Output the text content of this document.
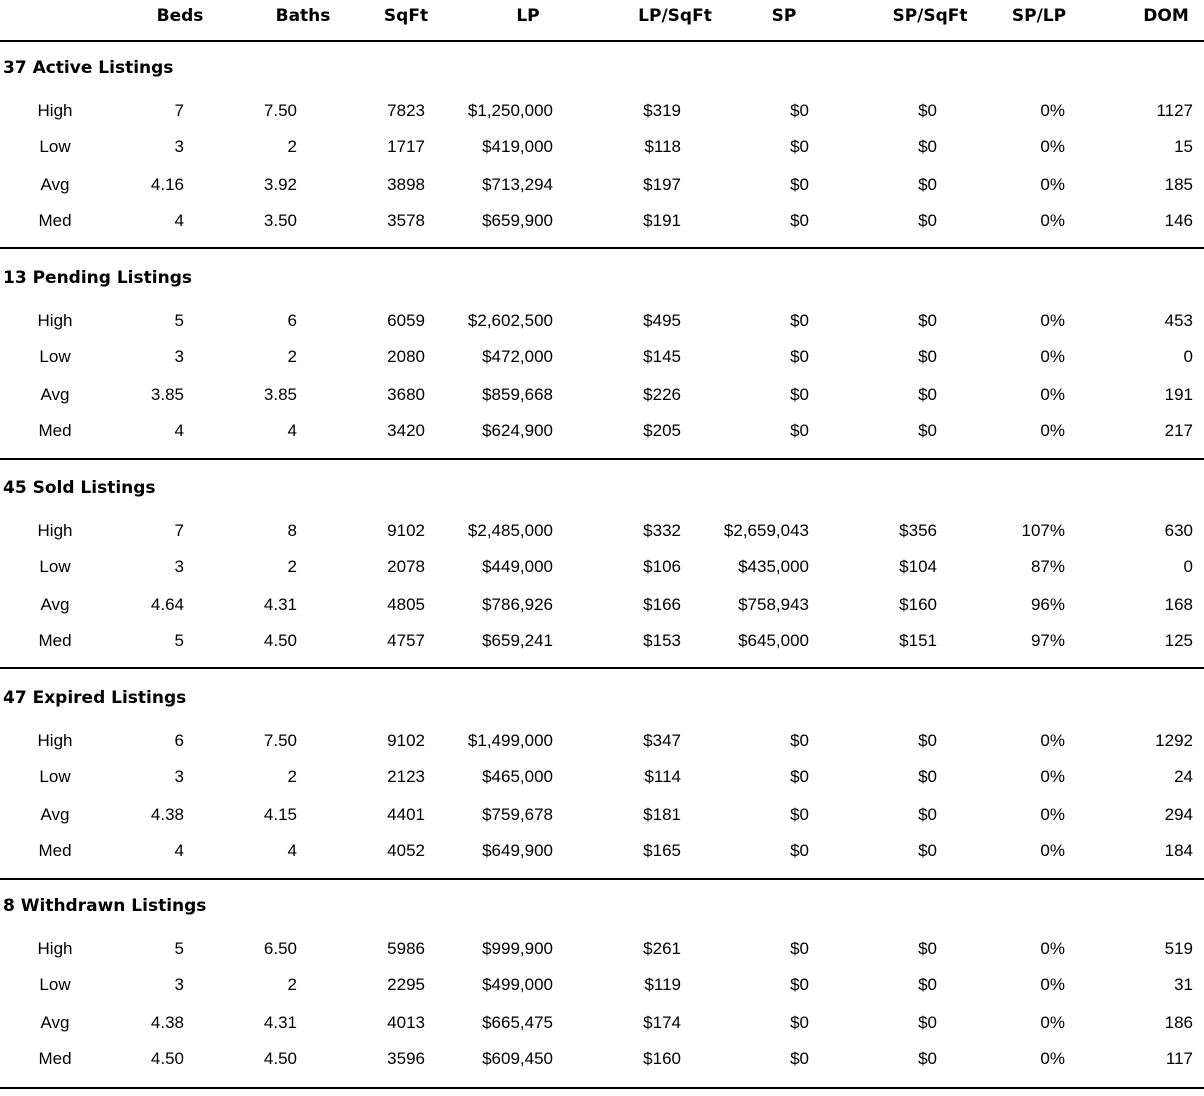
Beds	Baths	SqFt	LP	LP/SqFt	SP	SP/SqFt	SP/LP	DOM
37 Active Listings
High	7	7.50	7823	$1,250,000	$319	$0	$0	0%	1127
Low	3	2	1717	$419,000	$118	$0	$0	0%	15
Avg	4.16	3.92	3898	$713,294	$197	$0	$0	0%	185
Med	4	3.50	3578	$659,900	$191	$0	$0	0%	146
13 Pending Listings
High	5	6	6059	$2,602,500	$495	$0	$0	0%	453
Low	3	2	2080	$472,000	$145	$0	$0	0%	0
Avg	3.85	3.85	3680	$859,668	$226	$0	$0	0%	191
Med	4	4	3420	$624,900	$205	$0	$0	0%	217
45 Sold Listings
High	7	8	9102	$2,485,000	$332	$2,659,043	$356	107%	630
Low	3	2	2078	$449,000	$106	$435,000	$104	87%	0
Avg	4.64	4.31	4805	$786,926	$166	$758,943	$160	96%	168
Med	5	4.50	4757	$659,241	$153	$645,000	$151	97%	125
47 Expired Listings
High	6	7.50	9102	$1,499,000	$347	$0	$0	0%	1292
Low	3	2	2123	$465,000	$114	$0	$0	0%	24
Avg	4.38	4.15	4401	$759,678	$181	$0	$0	0%	294
Med	4	4	4052	$649,900	$165	$0	$0	0%	184
8 Withdrawn Listings
High	5	6.50	5986	$999,900	$261	$0	$0	0%	519
Low	3	2	2295	$499,000	$119	$0	$0	0%	31
Avg	4.38	4.31	4013	$665,475	$174	$0	$0	0%	186
Med	4.50	4.50	3596	$609,450	$160	$0	$0	0%	117
